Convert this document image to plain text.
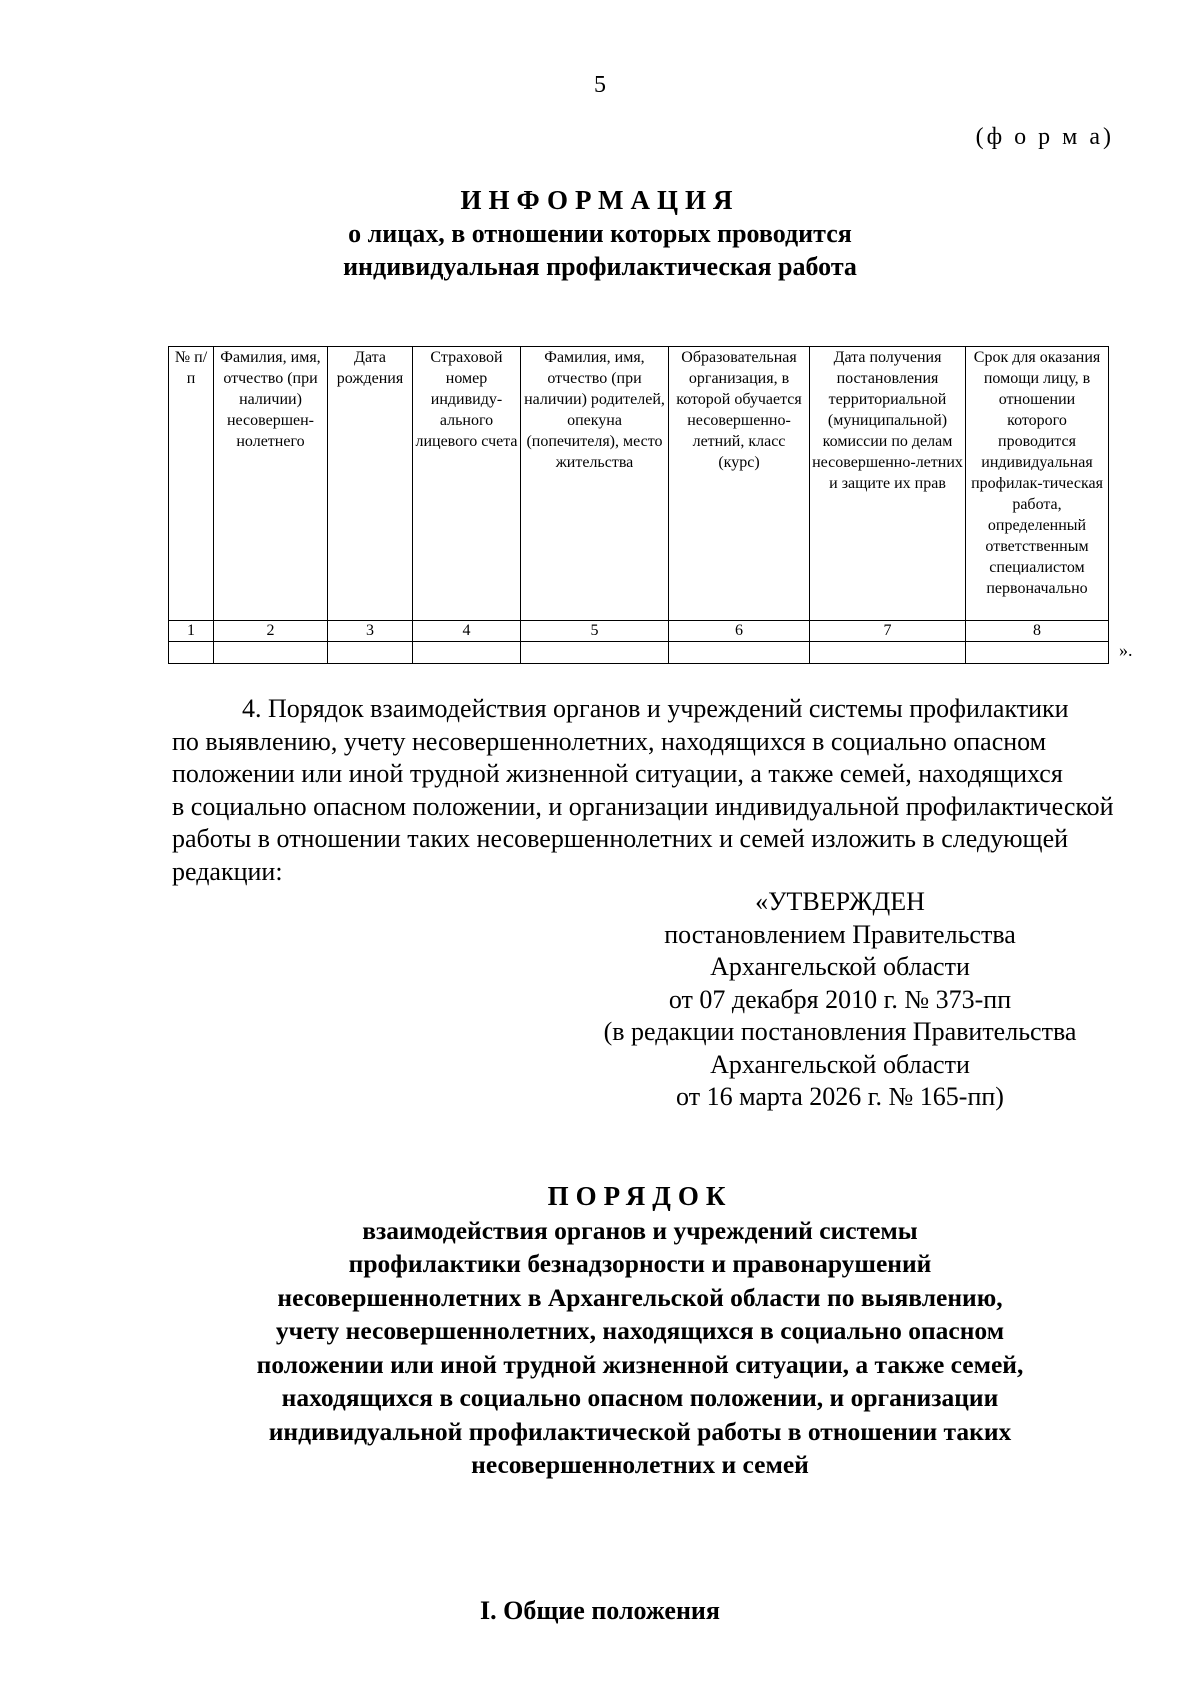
5
(ф о р м а)
ИНФОРМАЦИЯ
о лицах, в отношении которых проводится
индивидуальная профилактическая работа
№ п/п	Фамилия, имя, отчество (при наличии) несовершен-нолетнего	Дата рождения	Страховой номер индивиду-ального лицевого счета	Фамилия, имя, отчество (при наличии) родителей, опекуна (попечителя), место жительства	Образовательная организация, в которой обучается несовершенно-летний, класс (курс)	Дата получения постановления территориальной (муниципальной) комиссии по делам несовершенно-летних и защите их прав	Срок для оказания помощи лицу, в отношении которого проводится индивидуальная профилак-тическая работа, определенный ответственным специалистом первоначально
1	2	3	4	5	6	7	8

».
4. Порядок взаимодействия органов и учреждений системы профилактики
по выявлению, учету несовершеннолетних, находящихся в социально опасном
положении или иной трудной жизненной ситуации, а также семей, находящихся
в социально опасном положении, и организации индивидуальной профилактической
работы в отношении таких несовершеннолетних и семей изложить в следующей
редакции:
«УТВЕРЖДЕН
постановлением Правительства
Архангельской области
от 07 декабря 2010 г. № 373-пп
(в редакции постановления Правительства
Архангельской области
от 16 марта 2026 г. № 165-пп)
ПОРЯДОК
взаимодействия органов и учреждений системы
профилактики безнадзорности и правонарушений
несовершеннолетних в Архангельской области по выявлению,
учету несовершеннолетних, находящихся в социально опасном
положении или иной трудной жизненной ситуации, а также семей,
находящихся в социально опасном положении, и организации
индивидуальной профилактической работы в отношении таких
несовершеннолетних и семей
I. Общие положения
